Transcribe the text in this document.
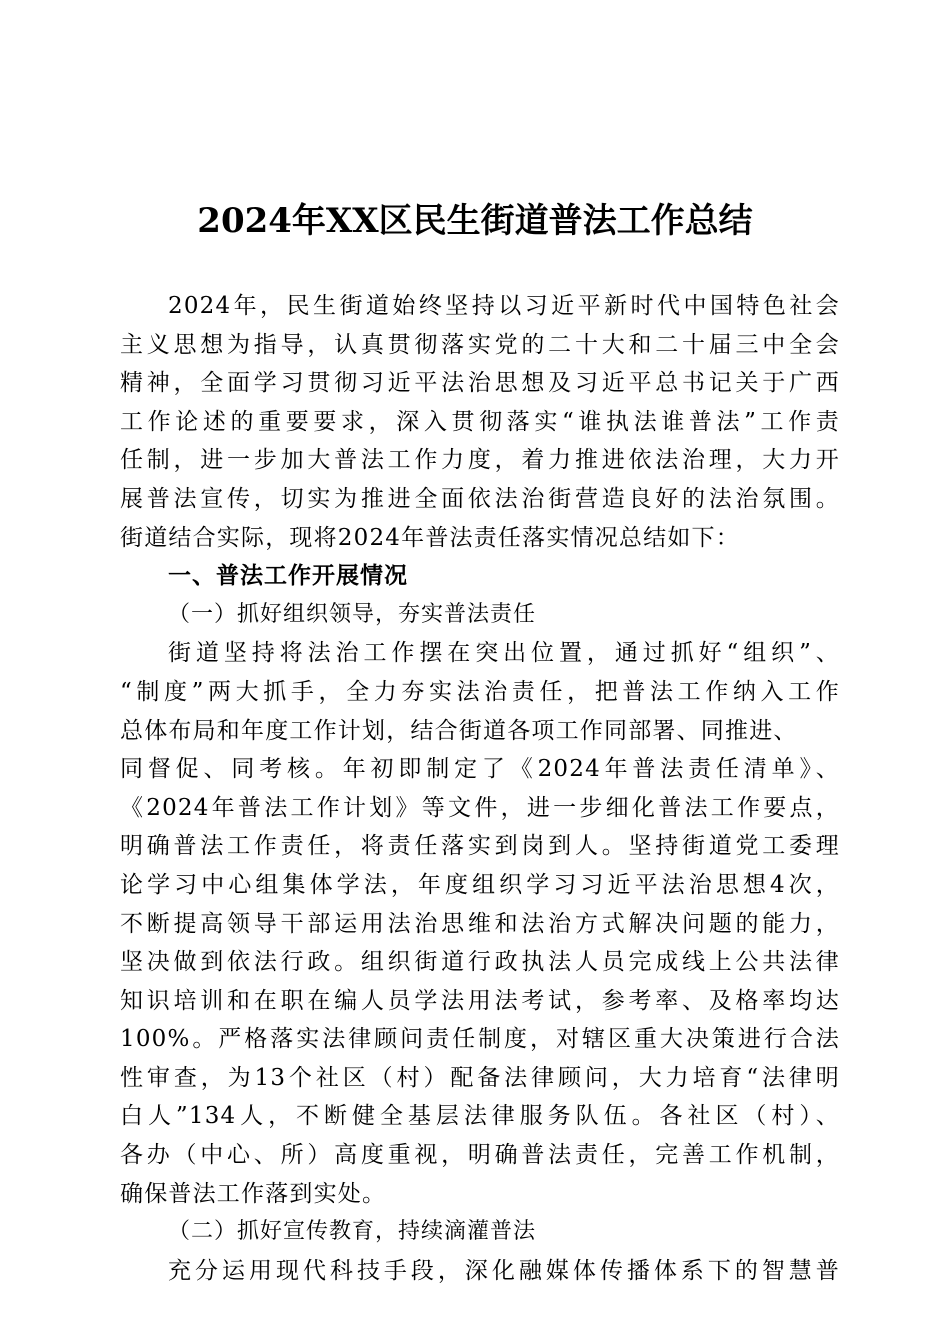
2024年XX区民生街道普法工作总结
2024年，民生街道始终坚持以习近平新时代中国特色社会
主义思想为指导，认真贯彻落实党的二十大和二十届三中全会
精神，全面学习贯彻习近平法治思想及习近平总书记关于广西
工作论述的重要要求，深入贯彻落实“谁执法谁普法”工作责
任制，进一步加大普法工作力度，着力推进依法治理，大力开
展普法宣传，切实为推进全面依法治街营造良好的法治氛围。
街道结合实际，现将2024年普法责任落实情况总结如下：
一、普法工作开展情况
（一）抓好组织领导，夯实普法责任
街道坚持将法治工作摆在突出位置，通过抓好“组织”、
“制度”两大抓手，全力夯实法治责任，把普法工作纳入工作
总体布局和年度工作计划，结合街道各项工作同部署、同推进、
同督促、同考核。年初即制定了《2024年普法责任清单》、
《2024年普法工作计划》等文件，进一步细化普法工作要点，
明确普法工作责任，将责任落实到岗到人。坚持街道党工委理
论学习中心组集体学法，年度组织学习习近平法治思想4次，
不断提高领导干部运用法治思维和法治方式解决问题的能力，
坚决做到依法行政。组织街道行政执法人员完成线上公共法律
知识培训和在职在编人员学法用法考试，参考率、及格率均达
100%。严格落实法律顾问责任制度，对辖区重大决策进行合法
性审查，为13个社区（村）配备法律顾问，大力培育“法律明
白人”134人，不断健全基层法律服务队伍。各社区（村）、
各办（中心、所）高度重视，明确普法责任，完善工作机制，
确保普法工作落到实处。
（二）抓好宣传教育，持续滴灌普法
充分运用现代科技手段，深化融媒体传播体系下的智慧普
